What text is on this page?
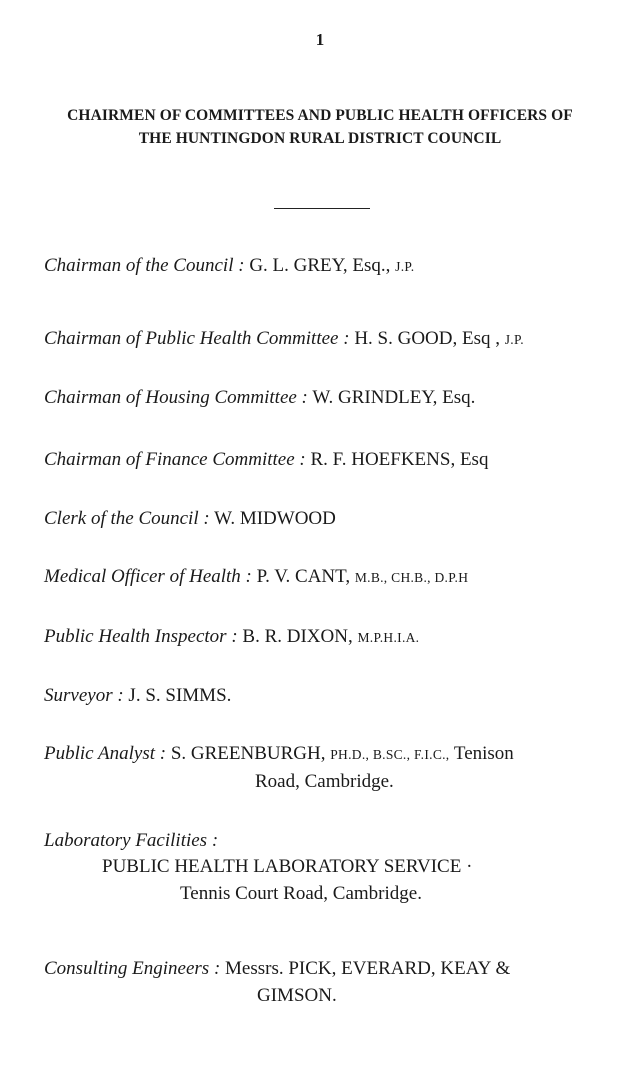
1
CHAIRMEN OF COMMITTEES AND PUBLIC HEALTH OFFICERS OF
THE HUNTINGDON RURAL DISTRICT COUNCIL
Chairman of the Council : G. L. GREY, Esq., J.P.
Chairman of Public Health Committee : H. S. GOOD, Esq , J.P.
Chairman of Housing Committee : W. GRINDLEY, Esq.
Chairman of Finance Committee : R. F. HOEFKENS, Esq
Clerk of the Council : W. MIDWOOD
Medical Officer of Health : P. V. CANT, M.B., CH.B., D.P.H
Public Health Inspector : B. R. DIXON, M.P.H.I.A.
Surveyor : J. S. SIMMS.
Public Analyst : S. GREENBURGH, PH.D., B.SC., F.I.C., Tenison
Road, Cambridge.
Laboratory Facilities :
PUBLIC HEALTH LABORATORY SERVICE ·
Tennis Court Road, Cambridge.
Consulting Engineers : Messrs. PICK, EVERARD, KEAY &
GIMSON.
